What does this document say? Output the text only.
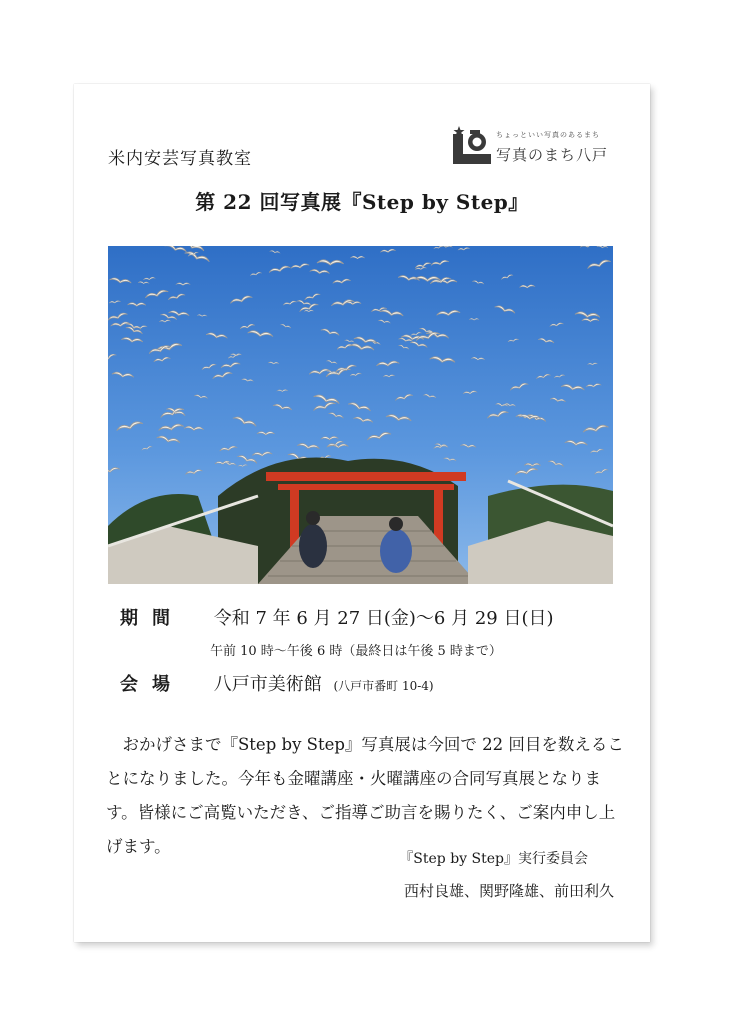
米内安芸写真教室
ちょっといい写真のあるまち
写真のまち八戸
第 22 回写真展『Step by Step』
期間 令和 7 年 6 月 27 日(金)〜6 月 29 日(日)
午前 10 時〜午後 6 時（最終日は午後 5 時まで）
会場 八戸市美術館 (八戸市番町 10-4)

おかげさまで『Step by Step』写真展は今回で 22 回目を数えることになりました。今年も金曜講座・火曜講座の合同写真展となります。皆様にご高覧いただき、ご指導ご助言を賜りたく、ご案内申し上げます。

『Step by Step』実行委員会
西村良雄、関野隆雄、前田利久
